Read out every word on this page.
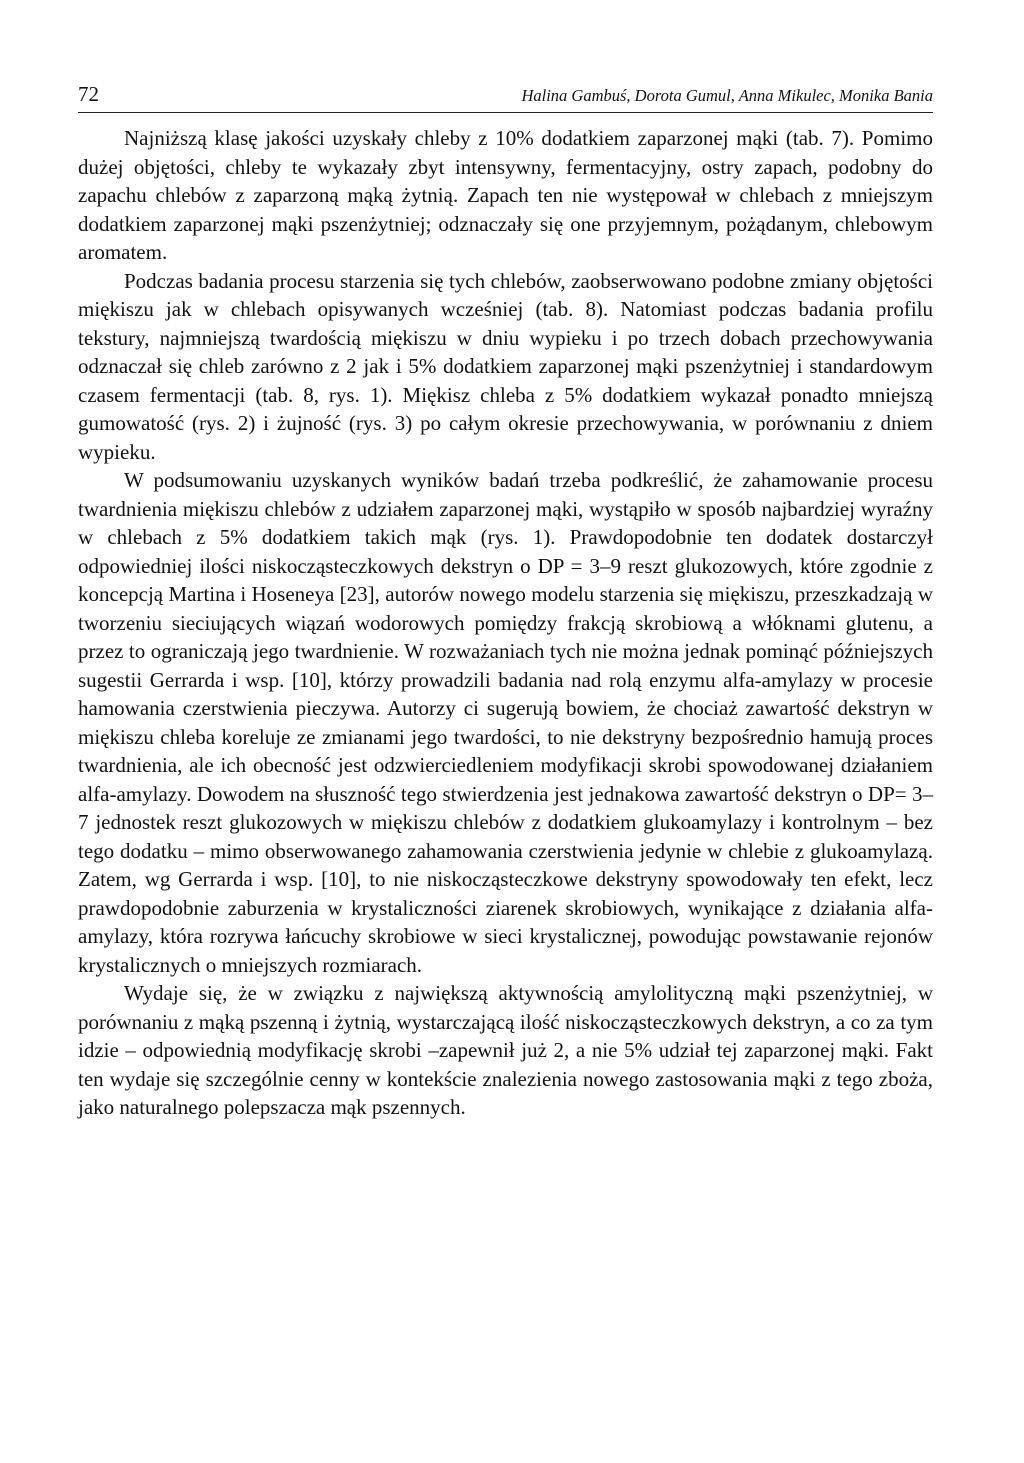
72	Halina Gambuś, Dorota Gumul, Anna Mikulec, Monika Bania

Najniższą klasę jakości uzyskały chleby z 10% dodatkiem zaparzonej mąki (tab. 7). Pomimo dużej objętości, chleby te wykazały zbyt intensywny, fermentacyjny, ostry zapach, podobny do zapachu chlebów z zaparzoną mąką żytnią. Zapach ten nie występował w chlebach z mniejszym dodatkiem zaparzonej mąki pszenżytniej; odznaczały się one przyjemnym, pożądanym, chlebowym aromatem.

Podczas badania procesu starzenia się tych chlebów, zaobserwowano podobne zmiany objętości miękiszu jak w chlebach opisywanych wcześniej (tab. 8). Natomiast podczas badania profilu tekstury, najmniejszą twardością miękiszu w dniu wypieku i po trzech dobach przechowywania odznaczał się chleb zarówno z 2 jak i 5% dodatkiem zaparzonej mąki pszenżytniej i standardowym czasem fermentacji (tab. 8, rys. 1). Miękisz chleba z 5% dodatkiem wykazał ponadto mniejszą gumowatość (rys. 2) i żujność (rys. 3) po całym okresie przechowywania, w porównaniu z dniem wypieku.

W podsumowaniu uzyskanych wyników badań trzeba podkreślić, że zahamowanie procesu twardnienia miękiszu chlebów z udziałem zaparzonej mąki, wystąpiło w sposób najbardziej wyraźny w chlebach z 5% dodatkiem takich mąk (rys. 1). Prawdopodobnie ten dodatek dostarczył odpowiedniej ilości niskocząsteczkowych dekstryn o DP = 3–9 reszt glukozowych, które zgodnie z koncepcją Martina i Hoseneya [23], autorów nowego modelu starzenia się miękiszu, przeszkadzają w tworzeniu sieciujących wiązań wodorowych pomiędzy frakcją skrobiową a włóknami glutenu, a przez to ograniczają jego twardnienie. W rozważaniach tych nie można jednak pominąć późniejszych sugestii Gerrarda i wsp. [10], którzy prowadzili badania nad rolą enzymu alfa-amylazy w procesie hamowania czerstwienia pieczywa. Autorzy ci sugerują bowiem, że chociaż zawartość dekstryn w miękiszu chleba koreluje ze zmianami jego twardości, to nie dekstryny bezpośrednio hamują proces twardnienia, ale ich obecność jest odzwierciedleniem modyfikacji skrobi spowodowanej działaniem alfa-amylazy. Dowodem na słuszność tego stwierdzenia jest jednakowa zawartość dekstryn o DP= 3–7 jednostek reszt glukozowych w miękiszu chlebów z dodatkiem glukoamylazy i kontrolnym – bez tego dodatku – mimo obserwowanego zahamowania czerstwienia jedynie w chlebie z glukoamylazą. Zatem, wg Gerrarda i wsp. [10], to nie niskocząsteczkowe dekstryny spowodowały ten efekt, lecz prawdopodobnie zaburzenia w krystaliczności ziarenek skrobiowych, wynikające z działania alfa-amylazy, która rozrywa łańcuchy skrobiowe w sieci krystalicznej, powodując powstawanie rejonów krystalicznych o mniejszych rozmiarach.

Wydaje się, że w związku z największą aktywnością amylolityczną mąki pszenżytniej, w porównaniu z mąką pszenną i żytnią, wystarczającą ilość niskocząsteczkowych dekstryn, a co za tym idzie – odpowiednią modyfikację skrobi –zapewnił już 2, a nie 5% udział tej zaparzonej mąki. Fakt ten wydaje się szczególnie cenny w kontekście znalezienia nowego zastosowania mąki z tego zboża, jako naturalnego polepszacza mąk pszennych.
